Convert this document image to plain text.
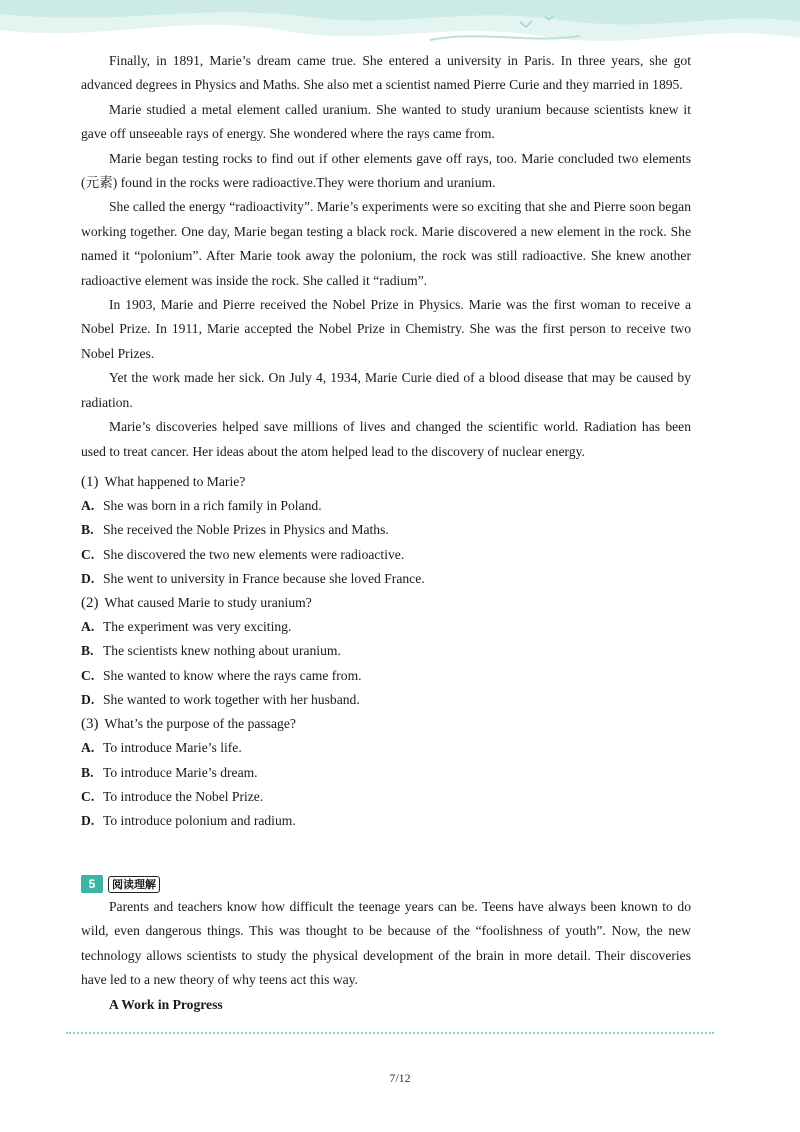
Finally, in 1891, Marie’s dream came true. She entered a university in Paris. In three years, she got advanced degrees in Physics and Maths. She also met a scientist named Pierre Curie and they married in 1895.

Marie studied a metal element called uranium. She wanted to study uranium because scientists knew it gave off unseeable rays of energy. She wondered where the rays came from.

Marie began testing rocks to find out if other elements gave off rays, too. Marie concluded two elements (元素) found in the rocks were radioactive.They were thorium and uranium.

She called the energy “radioactivity”. Marie’s experiments were so exciting that she and Pierre soon began working together. One day, Marie began testing a black rock. Marie discovered a new element in the rock. She named it “polonium”. After Marie took away the polonium, the rock was still radioactive. She knew another radioactive element was inside the rock. She called it “radium”.

In 1903, Marie and Pierre received the Nobel Prize in Physics. Marie was the first woman to receive a Nobel Prize. In 1911, Marie accepted the Nobel Prize in Chemistry. She was the first person to receive two Nobel Prizes.

Yet the work made her sick. On July 4, 1934, Marie Curie died of a blood disease that may be caused by radiation.

Marie’s discoveries helped save millions of lives and changed the scientific world. Radiation has been used to treat cancer. Her ideas about the atom helped lead to the discovery of nuclear energy.

(1) What happened to Marie?
A. She was born in a rich family in Poland.
B. She received the Noble Prizes in Physics and Maths.
C. She discovered the two new elements were radioactive.
D. She went to university in France because she loved France.
(2) What caused Marie to study uranium?
A. The experiment was very exciting.
B. The scientists knew nothing about uranium.
C. She wanted to know where the rays came from.
D. She wanted to work together with her husband.
(3) What’s the purpose of the passage?
A. To introduce Marie’s life.
B. To introduce Marie’s dream.
C. To introduce the Nobel Prize.
D. To introduce polonium and radium.
5	阅读理解

Parents and teachers know how difficult the teenage years can be. Teens have always been known to do wild, even dangerous things. This was thought to be because of the “foolishness of youth”. Now, the new technology allows scientists to study the physical development of the brain in more detail. Their discoveries have led to a new theory of why teens act this way.

A Work in Progress

7/12
